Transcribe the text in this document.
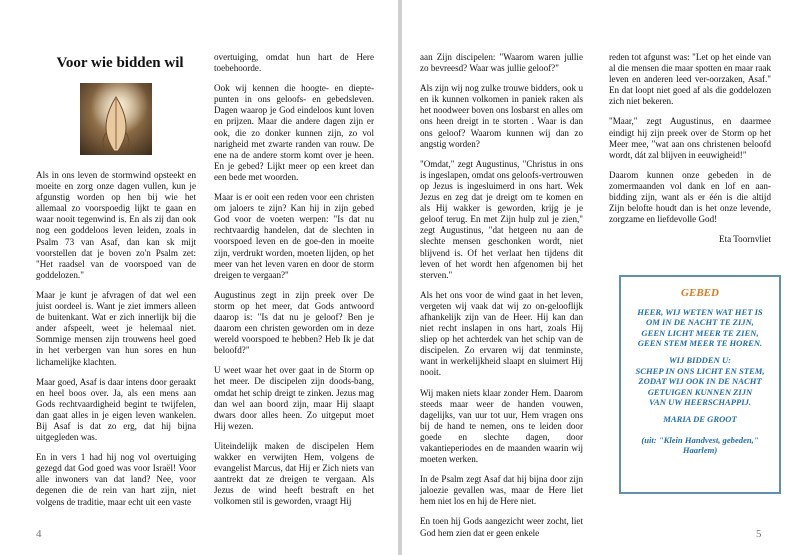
Voor wie bidden wil

Als in ons leven de stormwind opsteekt en moeite en zorg onze dagen vullen, kun je afgunstig worden op hen bij wie het allemaal zo voorspoedig lijkt te gaan en waar nooit tegenwind is. En als zij dan ook nog een goddeloos leven leiden, zoals in Psalm 73 van Asaf, dan kan sk mijt voorstellen dat je boven zo'n Psalm zet: "Het raadsel van de voorspoed van de goddelozen."

Maar je kunt je afvragen of dat wel een juist oordeel is. Want je ziet immers alleen de buitenkant. Wat er zich innerlijk bij die ander afspeelt, weet je helemaal niet. Sommige mensen zijn trouwens heel goed in het verbergen van hun sores en hun lichamelijke klachten.

Maar goed, Asaf is daar intens door geraakt en heel boos over. Ja, als een mens aan Gods rechtvaardigheid begint te twijfelen, dan gaat alles in je eigen leven wankelen. Bij Asaf is dat zo erg, dat hij bijna uitgegleden was.

En in vers 1 had hij nog vol overtuiging gezegd dat God goed was voor Israël! Voor alle inwoners van dat land? Nee, voor degenen die de rein van hart zijn, niet volgens de traditie, maar echt uit een vaste

overtuiging, omdat hun hart de Here toebehoorde.

Ook wij kennen die hoogte- en diepte-punten in ons geloofs- en gebedsleven. Dagen waarop je God eindeloos kunt loven en prijzen. Maar die andere dagen zijn er ook, die zo donker kunnen zijn, zo vol narigheid met zwarte randen van rouw. De ene na de andere storm komt over je heen. En je gebed? Lijkt meer op een kreet dan een bede met woorden.

Maar is er ooit een reden voor een christen om jaloers te zijn? Kan hij in zijn gebed God voor de voeten werpen: "Is dat nu rechtvaardig handelen, dat de slechten in voorspoed leven en de goe-den in moeite zijn, verdrukt worden, moeten lijden, op het meer van het leven varen en door de storm dreigen te vergaan?"

Augustinus zegt in zijn preek over De storm op het meer, dat Gods antwoord daarop is: "Is dat nu je geloof? Ben je daarom een christen geworden om in deze wereld voorspoed te hebben? Heb Ik je dat beloofd?"

U weet waar het over gaat in de Storm op het meer. De discipelen zijn doods-bang, omdat het schip dreigt te zinken. Jezus mag dan wel aan boord zijn, maar Hij slaapt dwars door alles heen. Zo uitgeput moet Hij wezen.

Uiteindelijk maken de discipelen Hem wakker en verwijten Hem, volgens de evangelist Marcus, dat Hij er Zich niets van aantrekt dat ze dreigen te vergaan. Als Jezus de wind heeft bestraft en het volkomen stil is geworden, vraagt Hij

4

aan Zijn discipelen: "Waarom waren jullie zo bevreesd? Waar was jullie geloof?"

Als zijn wij nog zulke trouwe bidders, ook u en ik kunnen volkomen in paniek raken als het noodweer boven ons losbarst en alles om ons heen dreigt in te storten . Waar is dan ons geloof? Waarom kunnen wij dan zo angstig worden?

"Omdat," zegt Augustinus, "Christus in ons is ingeslapen, omdat ons geloofs-vertrouwen op Jezus is ingesluimerd in ons hart. Wek Jezus en zeg dat je dreigt om te komen en als Hij wakker is geworden, krijg je je geloof terug. En met Zijn hulp zul je zien," zegt Augustinus, "dat hetgeen nu aan de slechte mensen geschonken wordt, niet blijvend is. Of het verlaat hen tijdens dit leven of het wordt hen afgenomen bij het sterven."

Als het ons voor de wind gaat in het leven, vergeten wij vaak dat wij zo on-gelooflijk afhankelijk zijn van de Heer. Hij kan dan niet recht inslapen in ons hart, zoals Hij sliep op het achterdek van het schip van de discipelen. Zo ervaren wij dat tenminste, want in werkelijkheid slaapt en sluimert Hij nooit.

Wij maken niets klaar zonder Hem. Daarom steeds maar weer de handen vouwen, dagelijks, van uur tot uur, Hem vragen ons bij de hand te nemen, ons te leiden door goede en slechte dagen, door vakantieperiodes en de maanden waarin wij moeten werken.

In de Psalm zegt Asaf dat hij bijna door zijn jaloezie gevallen was, maar de Here liet hem niet los en hij de Here niet.

En toen hij Gods aangezicht weer zocht, liet God hem zien dat er geen enkele

reden tot afgunst was: "Let op het einde van al die mensen die maar spotten en maar raak leven en anderen leed ver-oorzaken, Asaf." En dat loopt niet goed af als die goddelozen zich niet bekeren.

"Maar," zegt Augustinus, en daarmee eindigt hij zijn preek over de Storm op het Meer mee, "wat aan ons christenen beloofd wordt, dát zal blijven in eeuwigheid!"

Daarom kunnen onze gebeden in de zomermaanden vol dank en lof en aan-bidding zijn, want als er één is die altijd Zijn belofte houdt dan is het onze levende, zorgzame en liefdevolle God!

Eta Toornvliet
GEBED
HEER, WIJ WETEN WAT HET IS
OM IN DE NACHT TE ZIJN,
GEEN LICHT MEER TE ZIEN,
GEEN STEM MEER TE HOREN.
WIJ BIDDEN U:
SCHEP IN ONS LICHT EN STEM,
ZODAT WIJ OOK IN DE NACHT
GETUIGEN KUNNEN ZIJN
VAN UW HEERSCHAPPIJ.
MARIA DE GROOT
(uit: "Klein Handvest, gebeden," Haarlem)
5
